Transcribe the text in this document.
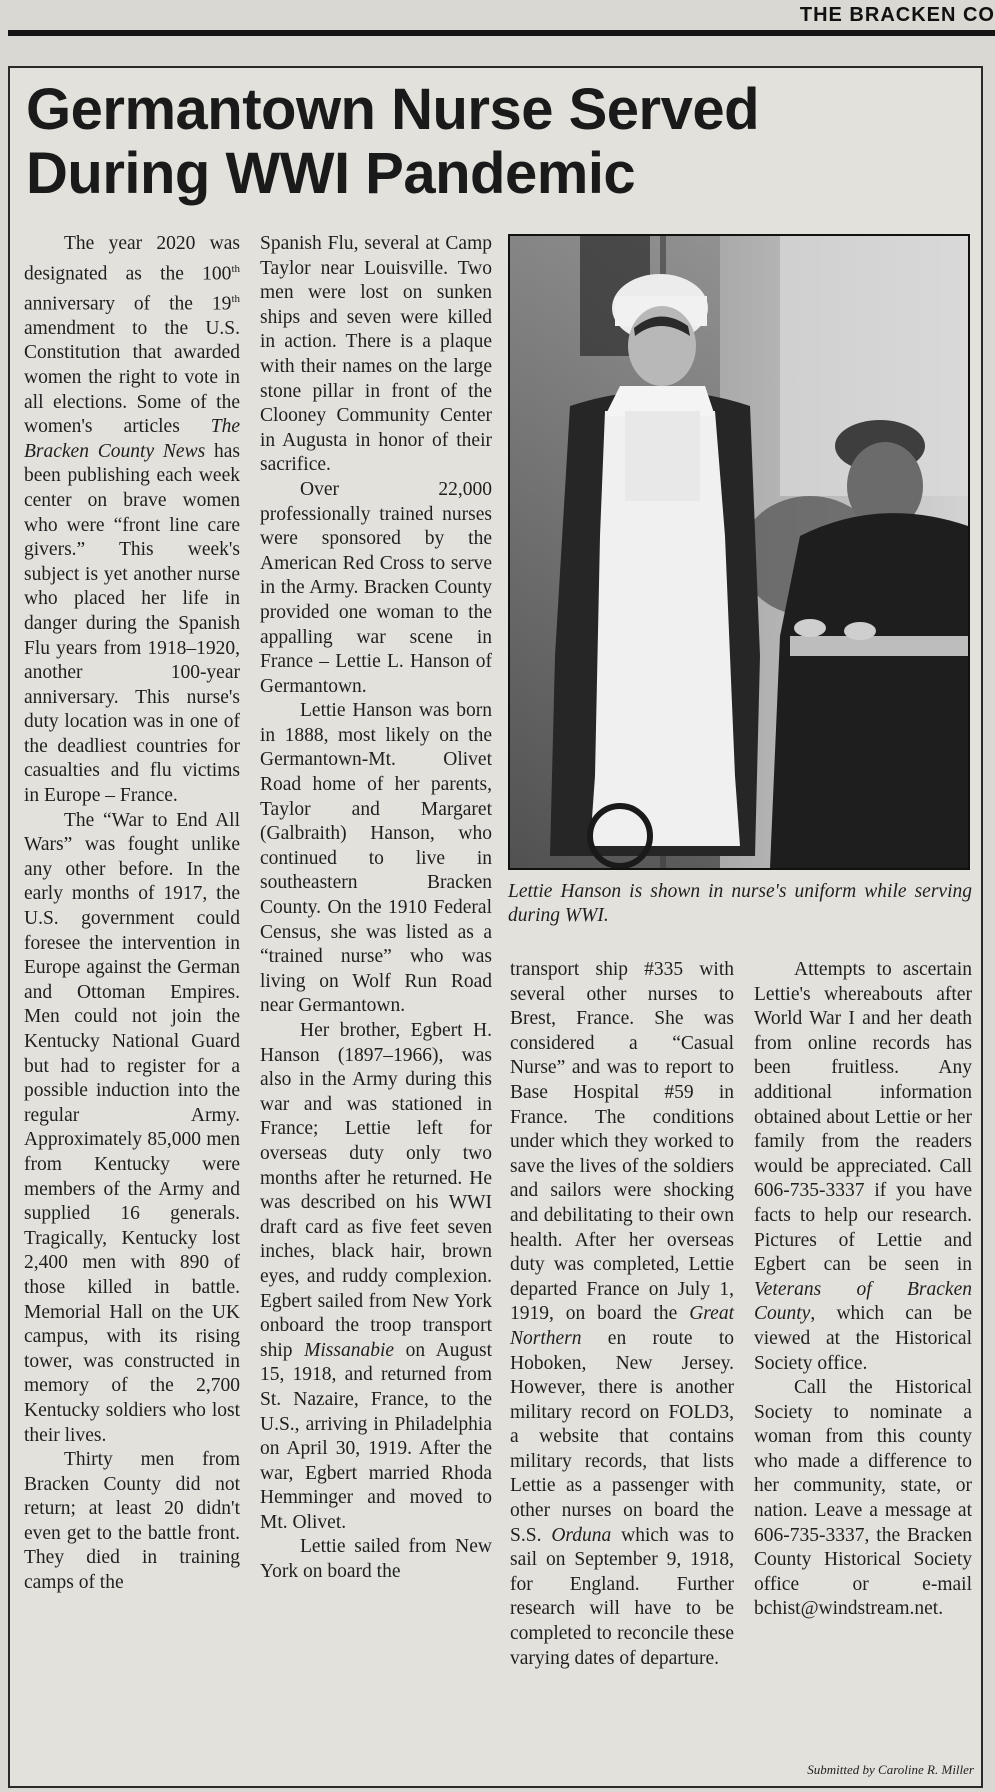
THE BRACKEN CO
Germantown Nurse Served
During WWI Pandemic

The year 2020 was designated as the 100th anniversary of the 19th amendment to the U.S. Constitution that awarded women the right to vote in all elections. Some of the women's articles The Bracken County News has been publishing each week center on brave women who were “front line care givers.” This week's subject is yet another nurse who placed her life in danger during the Spanish Flu years from 1918–1920, another 100-year anniversary. This nurse's duty location was in one of the deadliest countries for casualties and flu victims in Europe – France.

The “War to End All Wars” was fought unlike any other before. In the early months of 1917, the U.S. government could foresee the intervention in Europe against the German and Ottoman Empires. Men could not join the Kentucky National Guard but had to register for a possible induction into the regular Army. Approximately 85,000 men from Kentucky were members of the Army and supplied 16 generals. Tragically, Kentucky lost 2,400 men with 890 of those killed in battle. Memorial Hall on the UK campus, with its rising tower, was constructed in memory of the 2,700 Kentucky soldiers who lost their lives.

Thirty men from Bracken County did not return; at least 20 didn't even get to the battle front. They died in training camps of the

Spanish Flu, several at Camp Taylor near Louisville. Two men were lost on sunken ships and seven were killed in action. There is a plaque with their names on the large stone pillar in front of the Clooney Community Center in Augusta in honor of their sacrifice.

Over 22,000 professionally trained nurses were sponsored by the American Red Cross to serve in the Army. Bracken County provided one woman to the appalling war scene in France – Lettie L. Hanson of Germantown.

Lettie Hanson was born in 1888, most likely on the Germantown-Mt. Olivet Road home of her parents, Taylor and Margaret (Galbraith) Hanson, who continued to live in southeastern Bracken County. On the 1910 Federal Census, she was listed as a “trained nurse” who was living on Wolf Run Road near Germantown.

Her brother, Egbert H. Hanson (1897–1966), was also in the Army during this war and was stationed in France; Lettie left for overseas duty only two months after he returned. He was described on his WWI draft card as five feet seven inches, black hair, brown eyes, and ruddy complexion. Egbert sailed from New York onboard the troop transport ship Missanabie on August 15, 1918, and returned from St. Nazaire, France, to the U.S., arriving in Philadelphia on April 30, 1919. After the war, Egbert married Rhoda Hemminger and moved to Mt. Olivet.

Lettie sailed from New York on board the

Lettie Hanson is shown in nurse's uniform while serving during WWI.

transport ship #335 with several other nurses to Brest, France. She was considered a “Casual Nurse” and was to report to Base Hospital #59 in France. The conditions under which they worked to save the lives of the soldiers and sailors were shocking and debilitating to their own health. After her overseas duty was completed, Lettie departed France on July 1, 1919, on board the Great Northern en route to Hoboken, New Jersey. However, there is another military record on FOLD3, a website that contains military records, that lists Lettie as a passenger with other nurses on board the S.S. Orduna which was to sail on September 9, 1918, for England. Further research will have to be completed to reconcile these varying dates of departure.

Attempts to ascertain Lettie's whereabouts after World War I and her death from online records has been fruitless. Any additional information obtained about Lettie or her family from the readers would be appreciated. Call 606-735-3337 if you have facts to help our research. Pictures of Lettie and Egbert can be seen in Veterans of Bracken County, which can be viewed at the Historical Society office.

Call the Historical Society to nominate a woman from this county who made a difference to her community, state, or nation. Leave a message at 606-735-3337, the Bracken County Historical Society office or e-mail bchist@windstream.net.

Submitted by Caroline R. Miller
